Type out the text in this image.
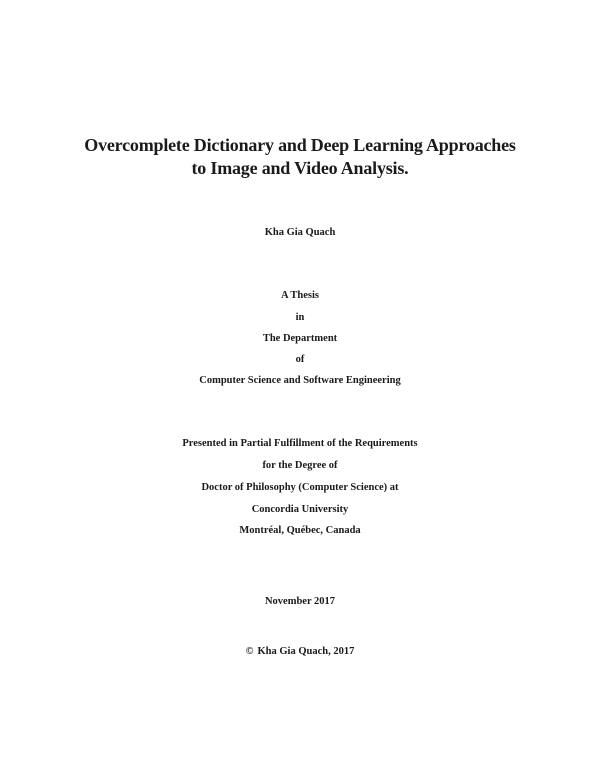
Overcomplete Dictionary and Deep Learning Approaches
to Image and Video Analysis.
Kha Gia Quach
A Thesis
in
The Department
of
Computer Science and Software Engineering
Presented in Partial Fulfillment of the Requirements
for the Degree of
Doctor of Philosophy (Computer Science) at
Concordia University
Montréal, Québec, Canada
November 2017
© Kha Gia Quach, 2017
